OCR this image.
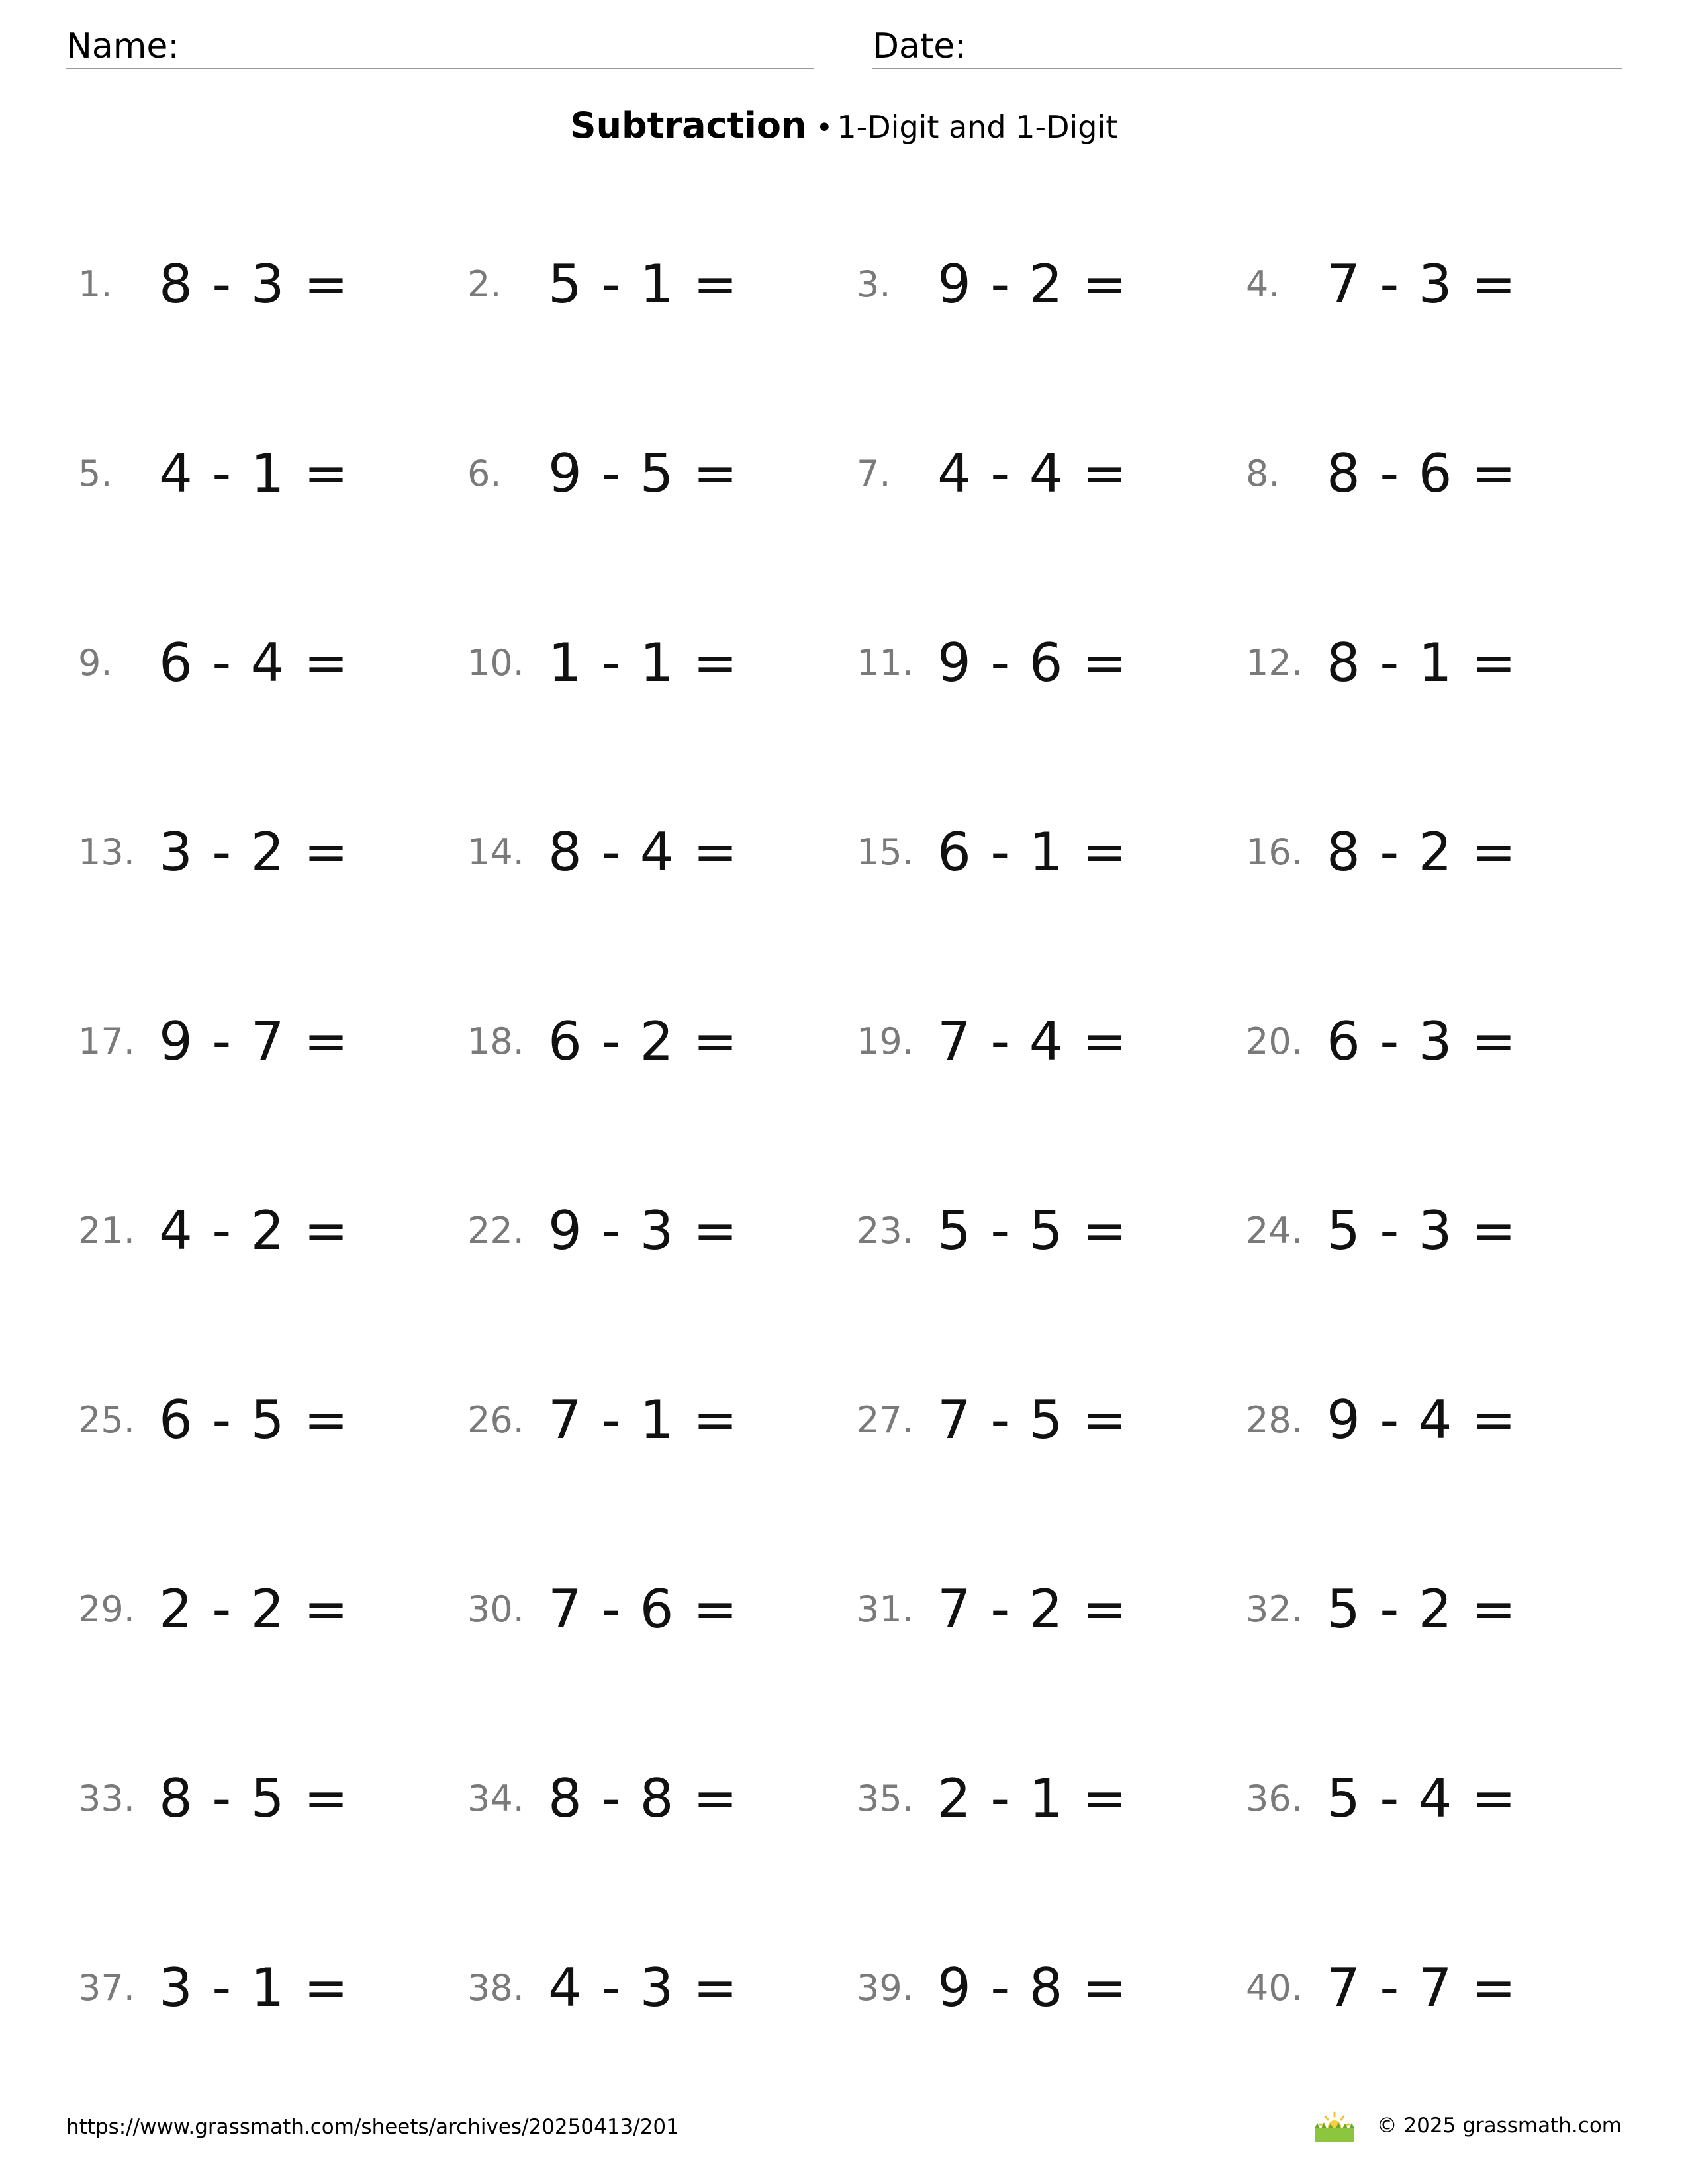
Name:	Date:
Subtraction • 1-Digit and 1-Digit
1. 8 - 3 =	2. 5 - 1 =	3. 9 - 2 =	4. 7 - 3 =
5. 4 - 1 =	6. 9 - 5 =	7. 4 - 4 =	8. 8 - 6 =
9. 6 - 4 =	10. 1 - 1 =	11. 9 - 6 =	12. 8 - 1 =
13. 3 - 2 =	14. 8 - 4 =	15. 6 - 1 =	16. 8 - 2 =
17. 9 - 7 =	18. 6 - 2 =	19. 7 - 4 =	20. 6 - 3 =
21. 4 - 2 =	22. 9 - 3 =	23. 5 - 5 =	24. 5 - 3 =
25. 6 - 5 =	26. 7 - 1 =	27. 7 - 5 =	28. 9 - 4 =
29. 2 - 2 =	30. 7 - 6 =	31. 7 - 2 =	32. 5 - 2 =
33. 8 - 5 =	34. 8 - 8 =	35. 2 - 1 =	36. 5 - 4 =
37. 3 - 1 =	38. 4 - 3 =	39. 9 - 8 =	40. 7 - 7 =
https://www.grassmath.com/sheets/archives/20250413/201	© 2025 grassmath.com
